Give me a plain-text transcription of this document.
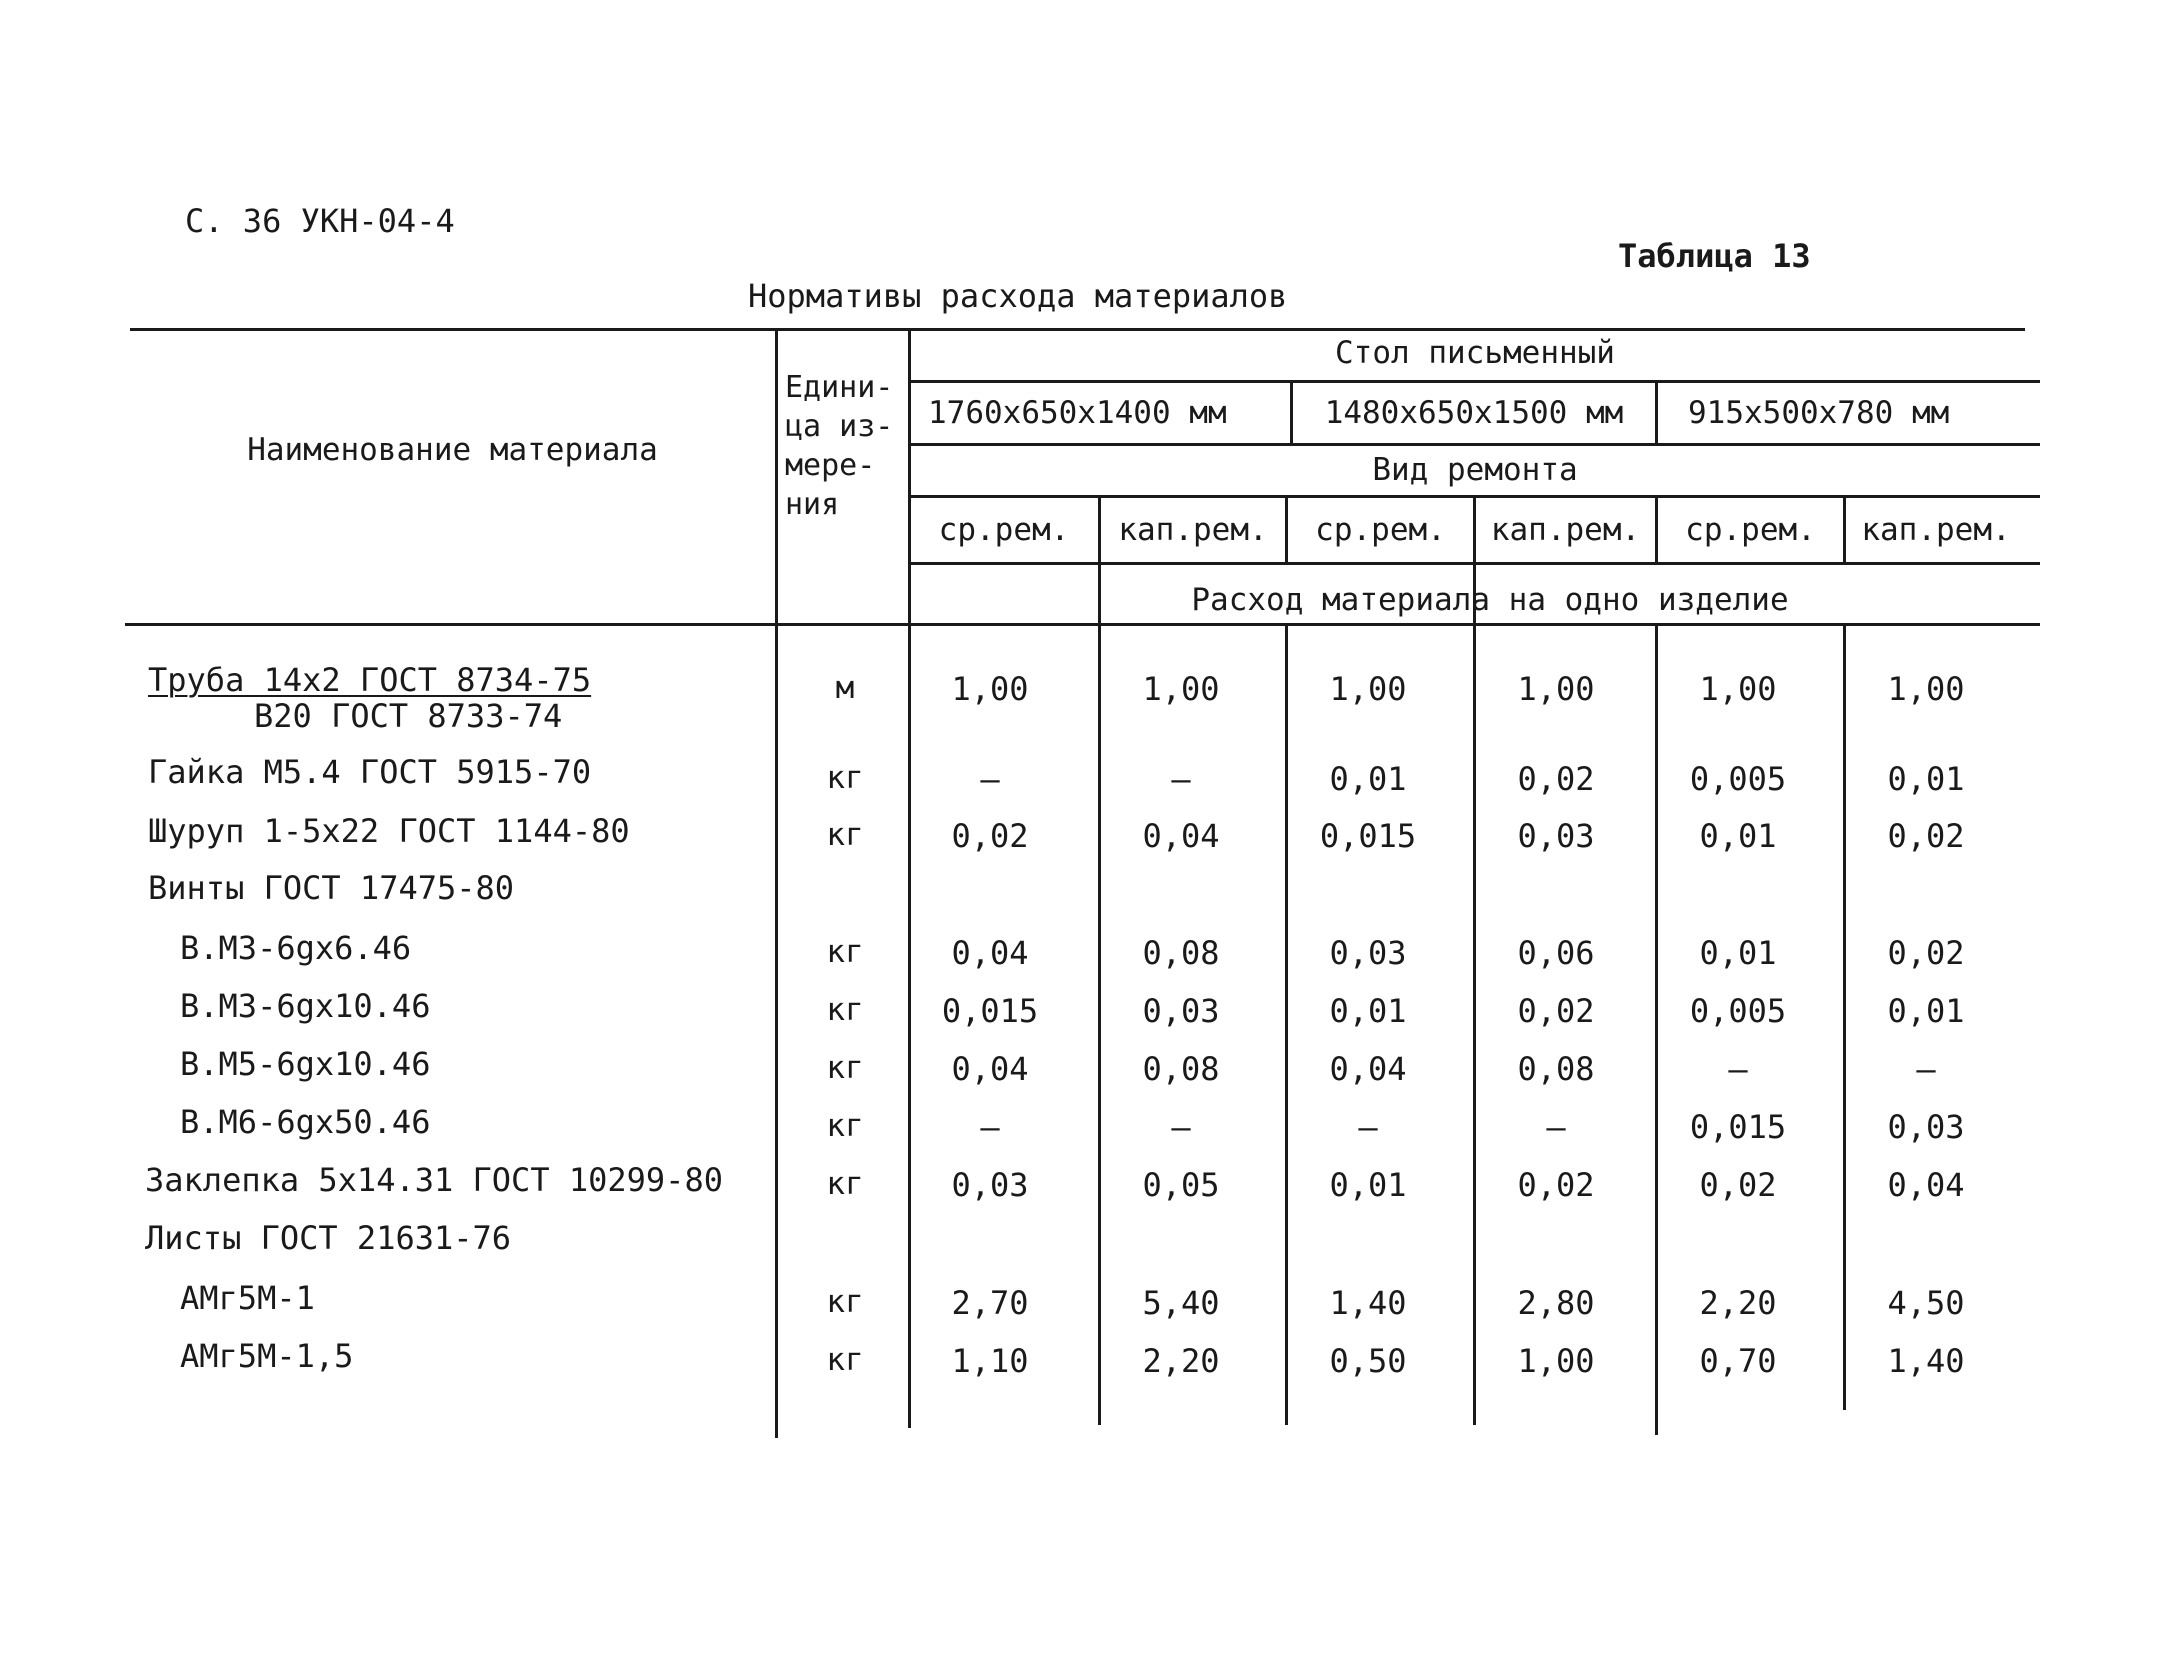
С. 36 УКН-04-4
Таблица 13
Нормативы расхода материалов
Наименование материала
Едини-
ца из-
мере-
ния
Стол письменный
1760х650х1400 мм	1480х650х1500 мм	915х500х780 мм
Вид ремонта
ср.рем.	кап.рем.	ср.рем.	кап.рем.	ср.рем.	кап.рем.
Расход материала на одно изделие
Труба 14х2 ГОСТ 8734-75
В20 ГОСТ 8733-74
м	1,00	1,00	1,00	1,00	1,00	1,00
Гайка М5.4 ГОСТ 5915-70	кг	–	–	0,01	0,02	0,005	0,01
Шуруп 1-5х22 ГОСТ 1144-80	кг	0,02	0,04	0,015	0,03	0,01	0,02
Винты ГОСТ 17475-80
В.М3-6gх6.46	кг	0,04	0,08	0,03	0,06	0,01	0,02
В.М3-6gх10.46	кг	0,015	0,03	0,01	0,02	0,005	0,01
В.М5-6gх10.46	кг	0,04	0,08	0,04	0,08	–	–
В.М6-6gх50.46	кг	–	–	–	–	0,015	0,03
Заклепка 5х14.31 ГОСТ 10299-80	кг	0,03	0,05	0,01	0,02	0,02	0,04
Листы ГОСТ 21631-76
АМг5М-1	кг	2,70	5,40	1,40	2,80	2,20	4,50
АМг5М-1,5	кг	1,10	2,20	0,50	1,00	0,70	1,40
